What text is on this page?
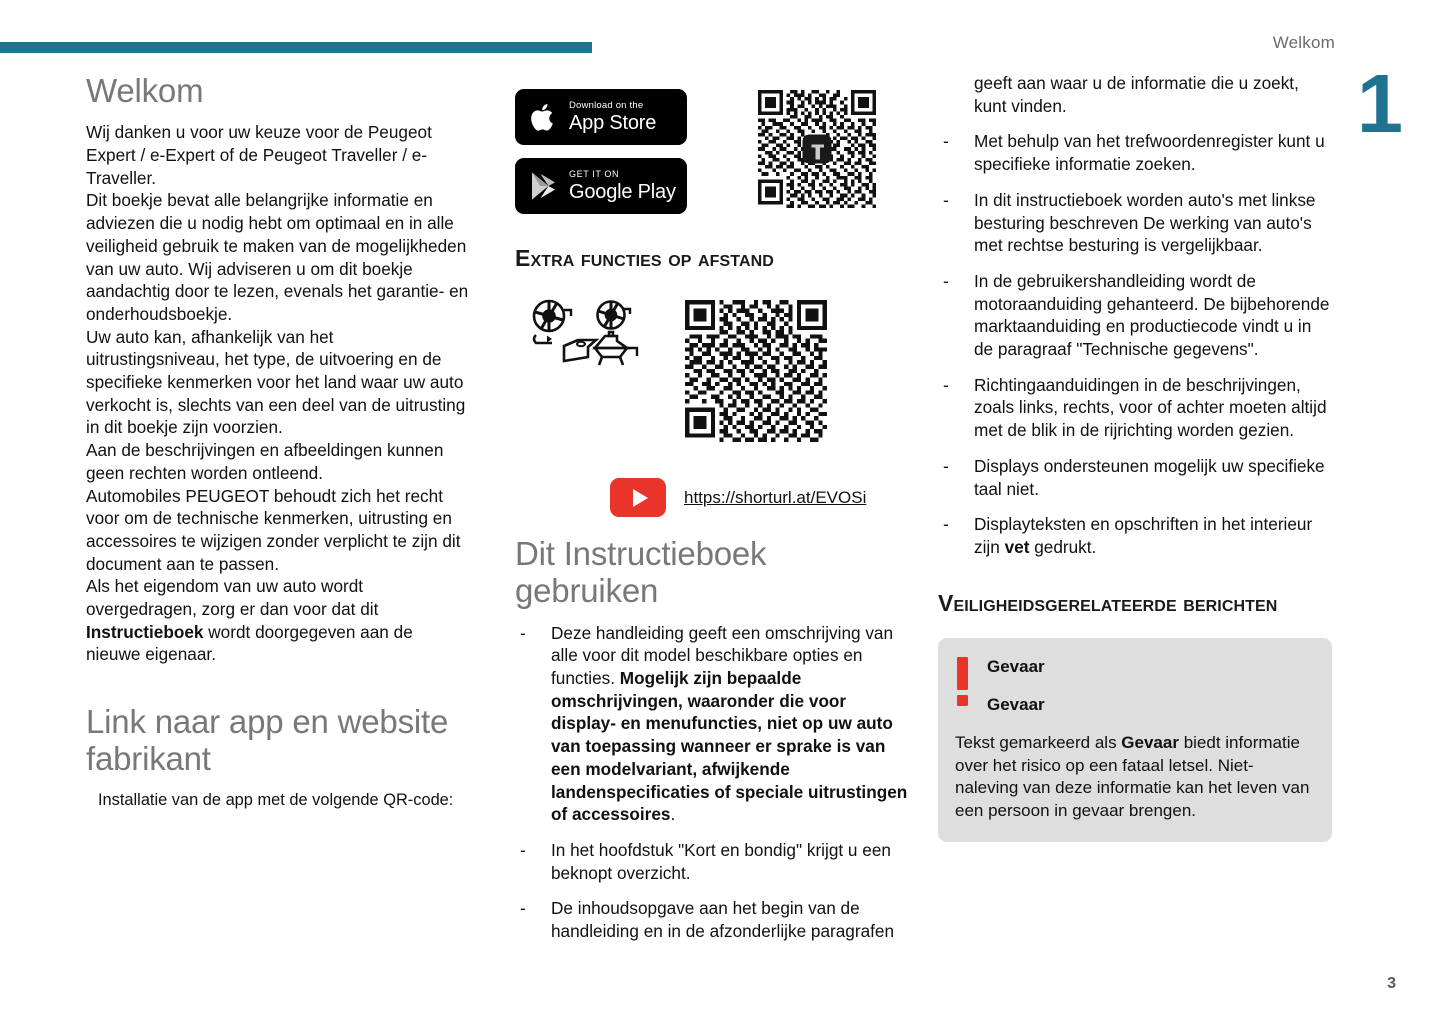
Welkom
1
3
Welkom

Wij danken u voor uw keuze voor de Peugeot Expert / e-Expert of de Peugeot Traveller / e-Traveller.
Dit boekje bevat alle belangrijke informatie en adviezen die u nodig hebt om optimaal en in alle veiligheid gebruik te maken van de mogelijkheden van uw auto. Wij adviseren u om dit boekje aandachtig door te lezen, evenals het garantie- en onderhoudsboekje.
Uw auto kan, afhankelijk van het uitrustingsniveau, het type, de uitvoering en de specifieke kenmerken voor het land waar uw auto verkocht is, slechts van een deel van de uitrusting in dit boekje zijn voorzien.
Aan de beschrijvingen en afbeeldingen kunnen geen rechten worden ontleend.
Automobiles PEUGEOT behoudt zich het recht voor om de technische kenmerken, uitrusting en accessoires te wijzigen zonder verplicht te zijn dit document aan te passen.
Als het eigendom van uw auto wordt overgedragen, zorg er dan voor dat dit Instructieboek wordt doorgegeven aan de nieuwe eigenaar.

Link naar app en website fabrikant

Installatie van de app met de volgende QR-code:

Download on the
App Store
GET IT ON
Google Play
Extra functies op afstand
https://shorturl.at/EVOSi
Dit Instructieboek gebruiken
- Deze handleiding geeft een omschrijving van alle voor dit model beschikbare opties en functies. Mogelijk zijn bepaalde omschrijvingen, waaronder die voor display- en menufuncties, niet op uw auto van toepassing wanneer er sprake is van een modelvariant, afwijkende landenspecificaties of speciale uitrustingen of accessoires.
- In het hoofdstuk "Kort en bondig" krijgt u een beknopt overzicht.
- De inhoudsopgave aan het begin van de handleiding en in de afzonderlijke paragrafen
geeft aan waar u de informatie die u zoekt, kunt vinden.
- Met behulp van het trefwoordenregister kunt u specifieke informatie zoeken.
- In dit instructieboek worden auto's met linkse besturing beschreven De werking van auto's met rechtse besturing is vergelijkbaar.
- In de gebruikershandleiding wordt de motoraanduiding gehanteerd. De bijbehorende marktaanduiding en productiecode vindt u in de paragraaf "Technische gegevens".
- Richtingaanduidingen in de beschrijvingen, zoals links, rechts, voor of achter moeten altijd met de blik in de rijrichting worden gezien.
- Displays ondersteunen mogelijk uw specifieke taal niet.
- Displayteksten en opschriften in het interieur zijn vet gedrukt.
Veiligheidsgerelateerde berichten
Gevaar
Gevaar
Tekst gemarkeerd als Gevaar biedt informatie over het risico op een fataal letsel. Niet-naleving van deze informatie kan het leven van een persoon in gevaar brengen.
